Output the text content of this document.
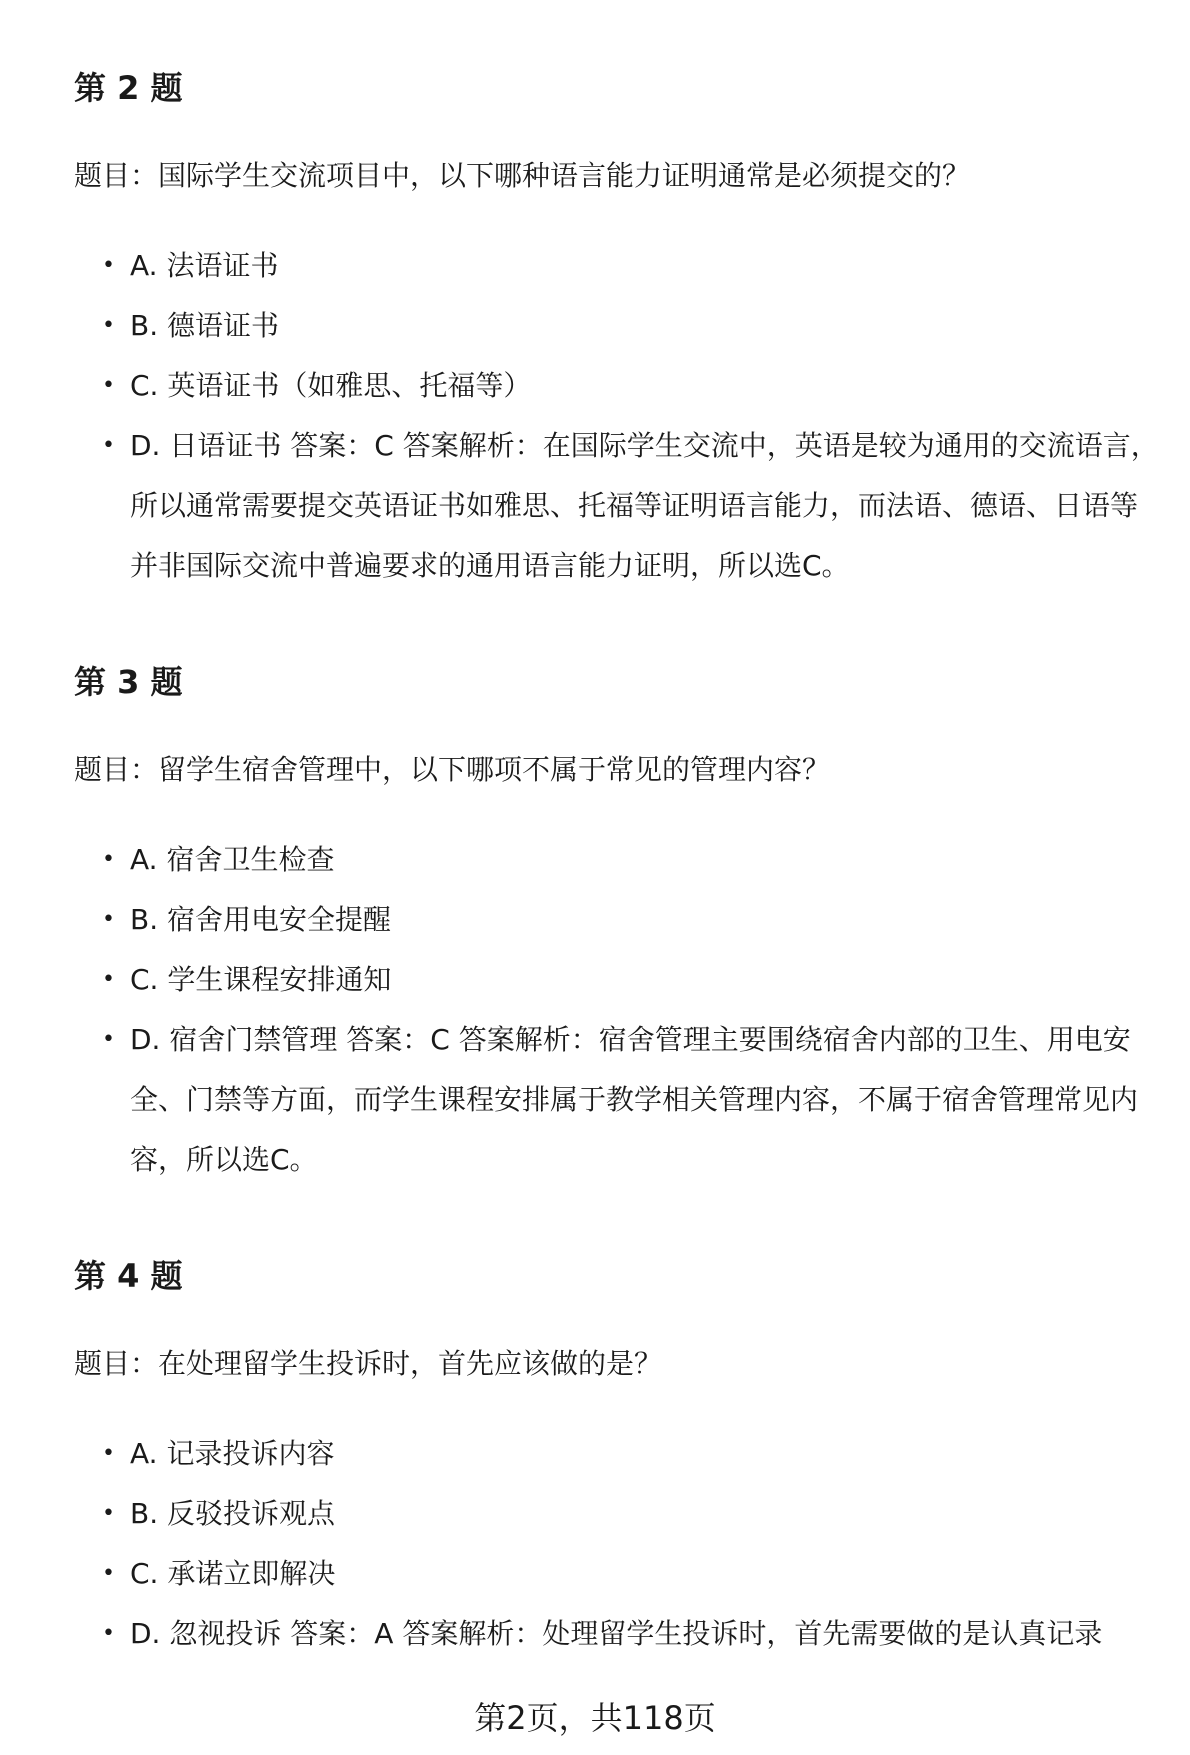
第 2 题

题目：国际学生交流项目中，以下哪种语言能力证明通常是必须提交的？

• A. 法语证书
• B. 德语证书
• C. 英语证书（如雅思、托福等）
• D. 日语证书 答案：C 答案解析：在国际学生交流中，英语是较为通用的交流语言，所以通常需要提交英语证书如雅思、托福等证明语言能力，而法语、德语、日语等并非国际交流中普遍要求的通用语言能力证明，所以选C。
第 3 题

题目：留学生宿舍管理中，以下哪项不属于常见的管理内容？

• A. 宿舍卫生检查
• B. 宿舍用电安全提醒
• C. 学生课程安排通知
• D. 宿舍门禁管理 答案：C 答案解析：宿舍管理主要围绕宿舍内部的卫生、用电安全、门禁等方面，而学生课程安排属于教学相关管理内容，不属于宿舍管理常见内容，所以选C。
第 4 题

题目：在处理留学生投诉时，首先应该做的是？

• A. 记录投诉内容
• B. 反驳投诉观点
• C. 承诺立即解决
• D. 忽视投诉 答案：A 答案解析：处理留学生投诉时，首先需要做的是认真记录
第2页，共118页
